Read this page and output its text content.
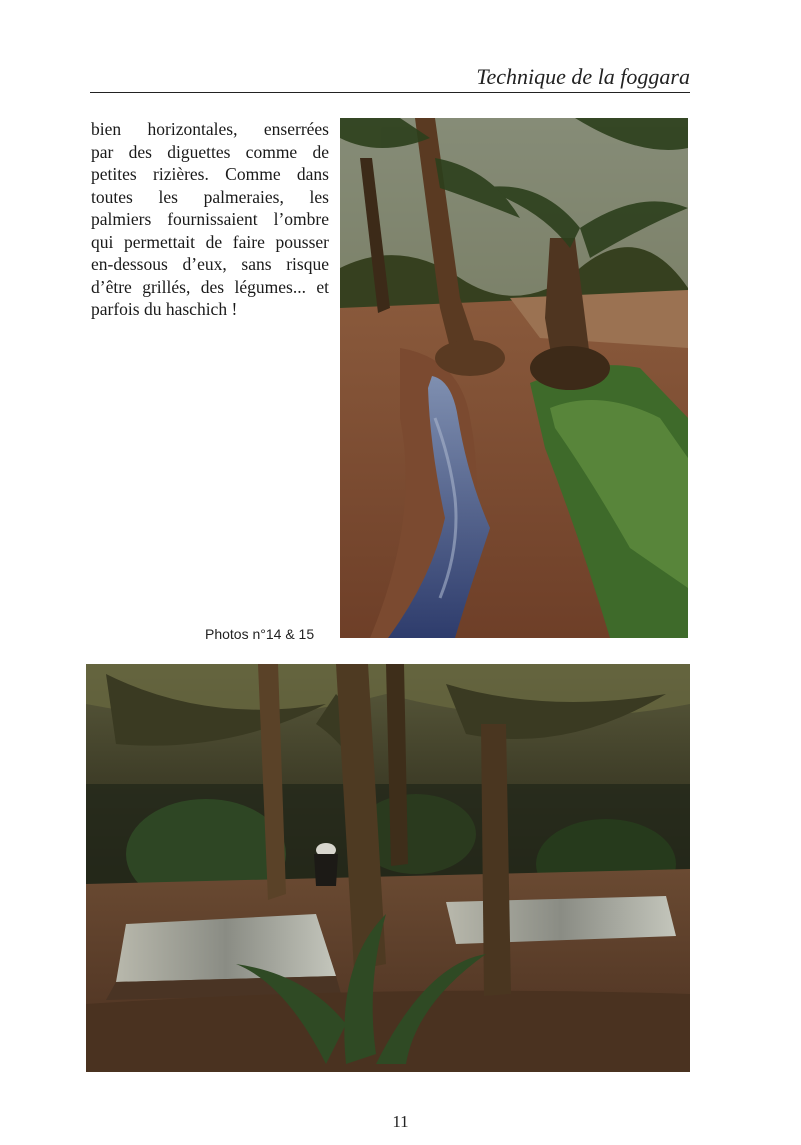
Technique de la foggara
bien horizontales, enserrées
par des diguettes comme de
petites rizières. Comme dans
toutes les palmeraies, les
palmiers fournissaient l’ombre
qui permettait de faire pousser
en-dessous d’eux, sans risque
d’être grillés, des légumes... et
parfois du haschich !
Photos n°14 & 15
11
